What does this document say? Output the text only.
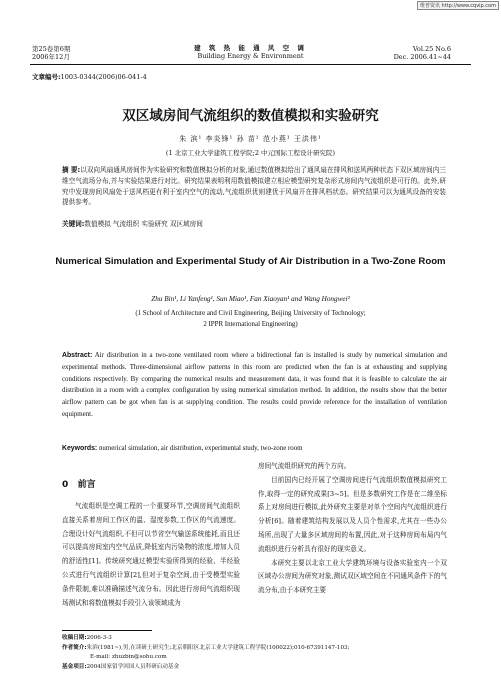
维普资讯 http://www.cqvip.com
第25卷第6期
2006年12月
建 筑 热 能 通 风 空 调
Building Energy & Environment
Vol.25 No.6
Dec. 2006.41~44
文章编号:1003-0344(2006)06-041-4
双区域房间气流组织的数值模拟和实验研究
朱 滨¹ 李炎锋¹ 孙 苗¹ 范小燕¹ 王洪伟¹
(1 北京工业大学建筑工程学院;2 中元国际工程设计研究院)
摘 要:以双向风扇通风房间作为实验研究和数值模拟分析的对象,通过数值模拟给出了通风扇在排风和送风两种状态下双区域房间内三维空气流场分布,并与实验结果进行对比。研究结果表明利用数值模拟建立相应模型研究复杂形式房间内气流组织是可行的。此外,研究中发现房间风扇处于送风档更有利于室内空气的流动,气流组织优则建优于风扇开在排风档状态。研究结果可以为通风设备的安装提供参考。
关键词:数值模拟 气流组织 实验研究 双区域房间
Numerical Simulation and Experimental Study of Air Distribution in a Two-Zone Room
Zhu Bin¹, Li Yanfeng¹, Sun Miao¹, Fan Xiaoyan¹ and Wang Hongwei²
(1 School of Architecture and Civil Engineering, Beijing University of Technology;
2 IPPR International Engineering)
Abstract: Air distribution in a two-zone ventilated room where a bidirectional fan is installed is study by numerical simulation and experimental methods. Three-dimensional airflow patterns in this room are predicted when the fan is at exhausting and supplying conditions respectively. By comparing the numerical results and measurement data, it was found that it is feasible to calculate the air distribution in a room with a complex configuration by using numerical simulation method. In addition, the results show that the better airflow pattern can be got when fan is at supplying condition. The results could provide reference for the installation of ventilation equipment.
Keywords: numerical simulation, air distribution, experimental study, two-zone room
0 前言
气流组织是空调工程的一个重要环节,空调房间气流组织直接关系着房间工作区的温、湿度参数,工作区的气流速度。合理设计好气流组织,不但可以节省空气输送系统能耗,而且还可以提高房间室内空气品质,降低室内污染物的浓度,增加人员的舒适性[1]。传统研究通过模型实验所得到的经验、半经验公式进行气流组织计算[2],但对于复杂空间,由于受模型实验条件限制,难以准确描述气流分布。因此进行房间气流组织现场测试和将数值模拟手段引入该领域成为

房间气流组织研究的两个方向。

目前国内已经开展了空调房间进行气流组织数值模拟研究工作,取得一定的研究成果[3~5]。但是多数研究工作是在二维坐标系上对房间进行模拟,此外研究主要是对单个空间内气流组织进行分析[6]。随着建筑结构发展以及人员个性需求,尤其在一些办公场所,出现了大量多区域房间的布置,因此,对于这种房间布局内气流组织进行分析具有很好的现实意义。

本研究主要以北京工业大学建筑环境与设备实验室内一个双区域办公房间为研究对象,测试双区域空间在不同通风条件下的气流分布,由于本研究主要

收稿日期:2006-3-3
作者简介:朱滨(1981~),男,在读研士研究生;北京朝阳区北京工业大学建筑工程学院(100022);010-67391147-103;
E-mail: zhuzbin@sohu.com
基金项目:2004国家留学回国人员科研启动基金
